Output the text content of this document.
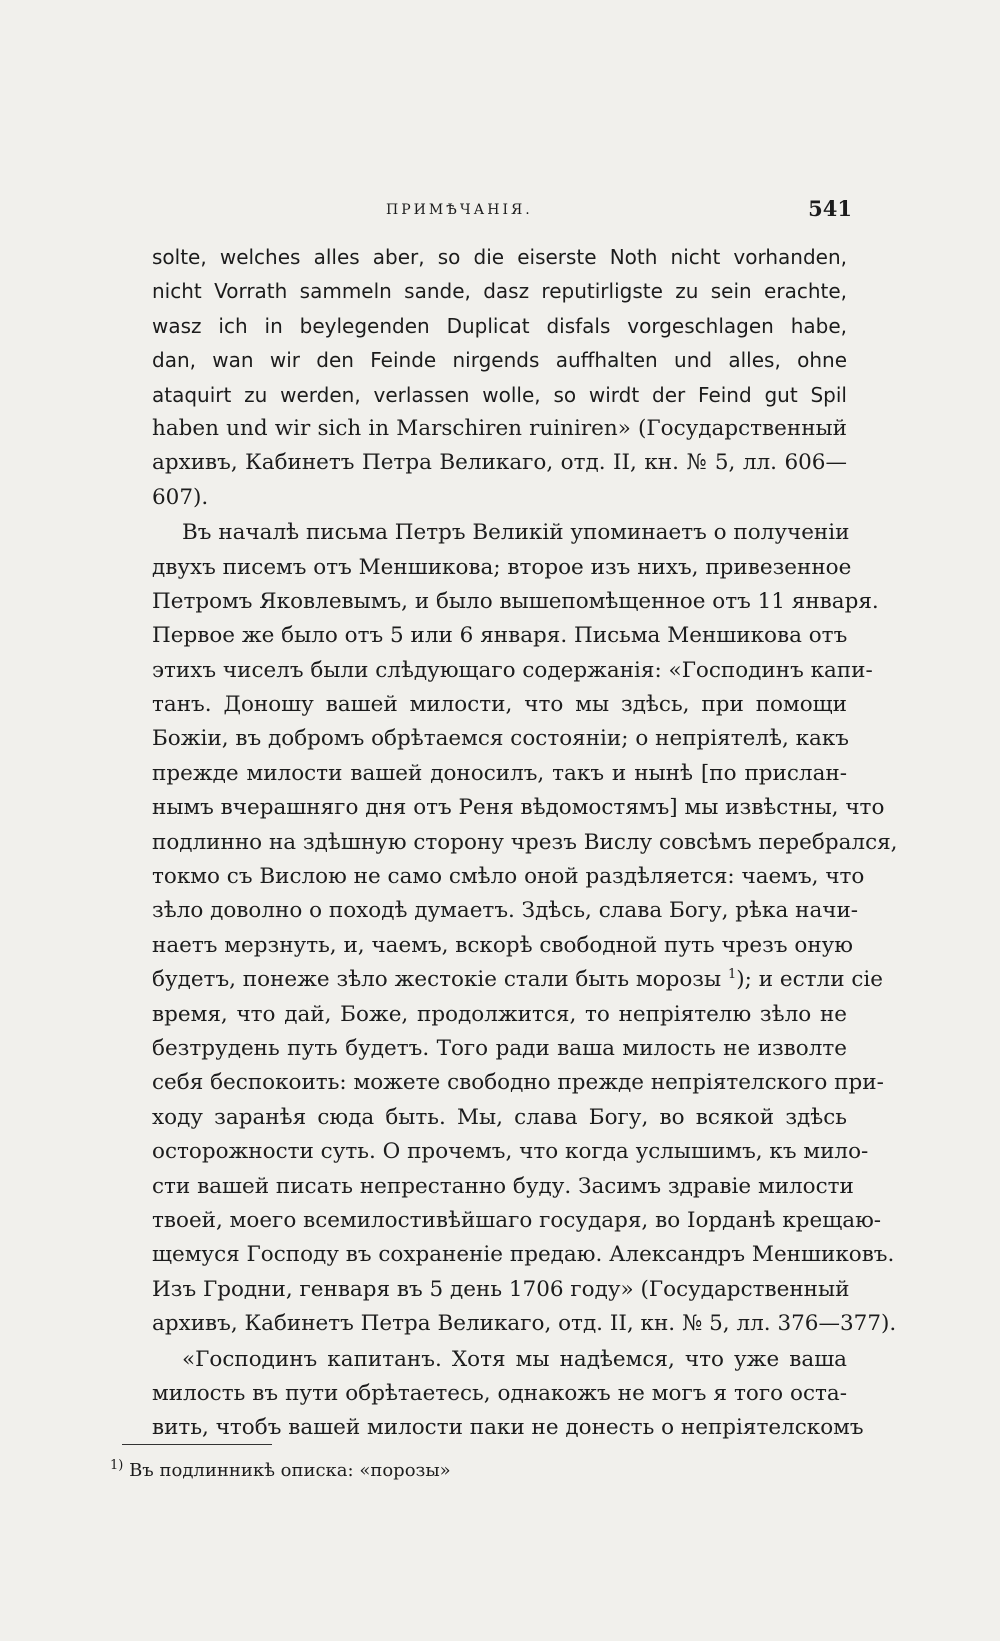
ПРИМѢЧАНІЯ.	541
solte, welches alles aber, so die eiserste Noth nicht vorhanden,
nicht Vorrath sammeln sande, dasz reputirligste zu sein erachte,
wasz ich in beylegenden Duplicat disfals vorgeschlagen habe,
dan, wan wir den Feinde nirgends auffhalten und alles, ohne
ataquirt zu werden, verlassen wolle, so wirdt der Feind gut Spil
haben und wir sich in Marschiren ruiniren» (Государственный
архивъ, Кабинетъ Петра Великаго, отд. II, кн. № 5, лл. 606—
607).
Въ началѣ письма Петръ Великій упоминаетъ о полученіи
двухъ писемъ отъ Меншикова; второе изъ нихъ, привезенное
Петромъ Яковлевымъ, и было вышепомѣщенное отъ 11 января.
Первое же было отъ 5 или 6 января. Письма Меншикова отъ
этихъ чиселъ были слѣдующаго содержанія: «Господинъ капи-
танъ. Доношу вашей милости, что мы здѣсь, при помощи
Божіи, въ добромъ обрѣтаемся состояніи; о непріятелѣ, какъ
прежде милости вашей доносилъ, такъ и нынѣ [по прислан-
нымъ вчерашняго дня отъ Реня вѣдомостямъ] мы извѣстны, что
подлинно на здѣшную сторону чрезъ Вислу совсѣмъ перебрался,
токмо съ Вислою не само смѣло оной раздѣляется: чаемъ, что
зѣло доволно о походѣ думаетъ. Здѣсь, слава Богу, рѣка начи-
наетъ мерзнуть, и, чаемъ, вскорѣ свободной путь чрезъ оную
будетъ, понеже зѣло жестокіе стали быть морозы $^1$); и естли сіе
время, что дай, Боже, продолжится, то непріятелю зѣло не
безтрудень путь будетъ. Того ради ваша милость не изволте
себя беспокоить: можете свободно прежде непріятелского при-
ходу заранѣя сюда быть. Мы, слава Богу, во всякой здѣсь
осторожности суть. О прочемъ, что когда услышимъ, къ мило-
сти вашей писать непрестанно буду. Засимъ здравіе милости
твоей, моего всемилостивѣйшаго государя, во Іорданѣ крещаю-
щемуся Господу въ сохраненіе предаю. Александръ Меншиковъ.
Изъ Гродни, генваря въ 5 день 1706 году» (Государственный
архивъ, Кабинетъ Петра Великаго, отд. II, кн. № 5, лл. 376—377).
«Господинъ капитанъ. Хотя мы надѣемся, что уже ваша
милость въ пути обрѣтаетесь, однакожъ не могъ я того оста-
вить, чтобъ вашей милости паки не донесть о непріятелскомъ
$^{1)}$ Въ подлинникѣ описка: «порозы»
